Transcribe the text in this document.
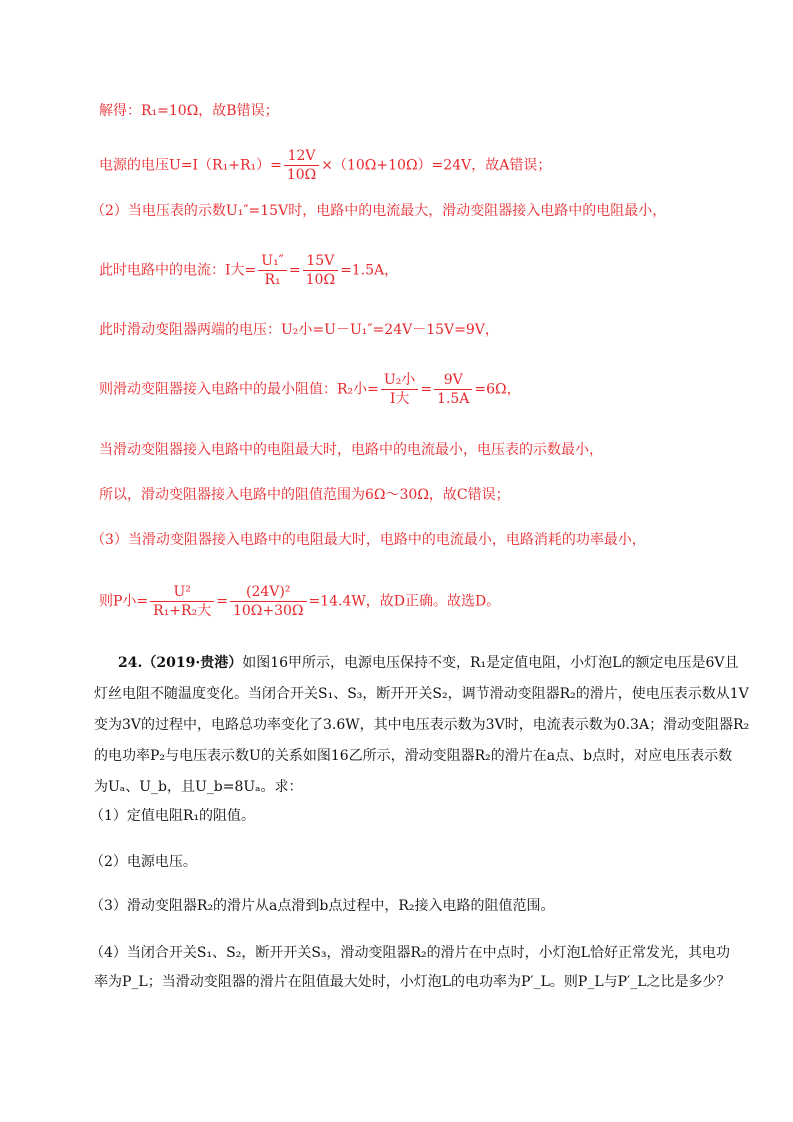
解得：R₁=10Ω，故B错误；
电源的电压$U=I(R_1+R_1)= \frac{12V}{10\Omega} \times(10\Omega+10\Omega)=24V$，故A错误；
（2）当电压表的示数U₁″=15V时，电路中的电流最大，滑动变阻器接入电路中的电阻最小，
此时电路中的电流：I大= $\frac{\text{U₁″}}{\text{R₁}} = \frac{15V}{10\Omega} =1.5A$，
此时滑动变阻器两端的电压：U₂小=U－U₁″=24V－15V=9V，
则滑动变阻器接入电路中的最小阻值：R₂小= $\frac{\text{U₂小}}{\text{I大}} = \frac{9V}{1.5A} =6\Omega$，
当滑动变阻器接入电路中的电阻最大时，电路中的电流最小，电压表的示数最小，
所以，滑动变阻器接入电路中的阻值范围为6Ω～30Ω，故C错误；
（3）当滑动变阻器接入电路中的电阻最大时，电路中的电流最小，电路消耗的功率最小，
则P小= $\frac{\text{U²}}{\text{R₁+R₂大}} = \frac{\text{(24V)²}}{10\Omega+30\Omega} =14.4W$，故D正确。故选D。
24.（2019·贵港）如图16甲所示，电源电压保持不变，R₁是定值电阻，小灯泡L的额定电压是6V且
灯丝电阻不随温度变化。当闭合开关S₁、S₃，断开开关S₂，调节滑动变阻器R₂的滑片，使电压表示数从1V
变为3V的过程中，电路总功率变化了3.6W，其中电压表示数为3V时，电流表示数为0.3A；滑动变阻器R₂
的电功率P₂与电压表示数U的关系如图16乙所示，滑动变阻器R₂的滑片在a点、b点时，对应电压表示数
为Uₐ、U_b，且U_b=8Uₐ。求：
（1）定值电阻R₁的阻值。
（2）电源电压。
（3）滑动变阻器R₂的滑片从a点滑到b点过程中，R₂接入电路的阻值范围。
（4）当闭合开关S₁、S₂，断开开关S₃，滑动变阻器R₂的滑片在中点时，小灯泡L恰好正常发光，其电功
率为P_L；当滑动变阻器的滑片在阻值最大处时，小灯泡L的电功率为P′_L。则P_L与P′_L之比是多少？
